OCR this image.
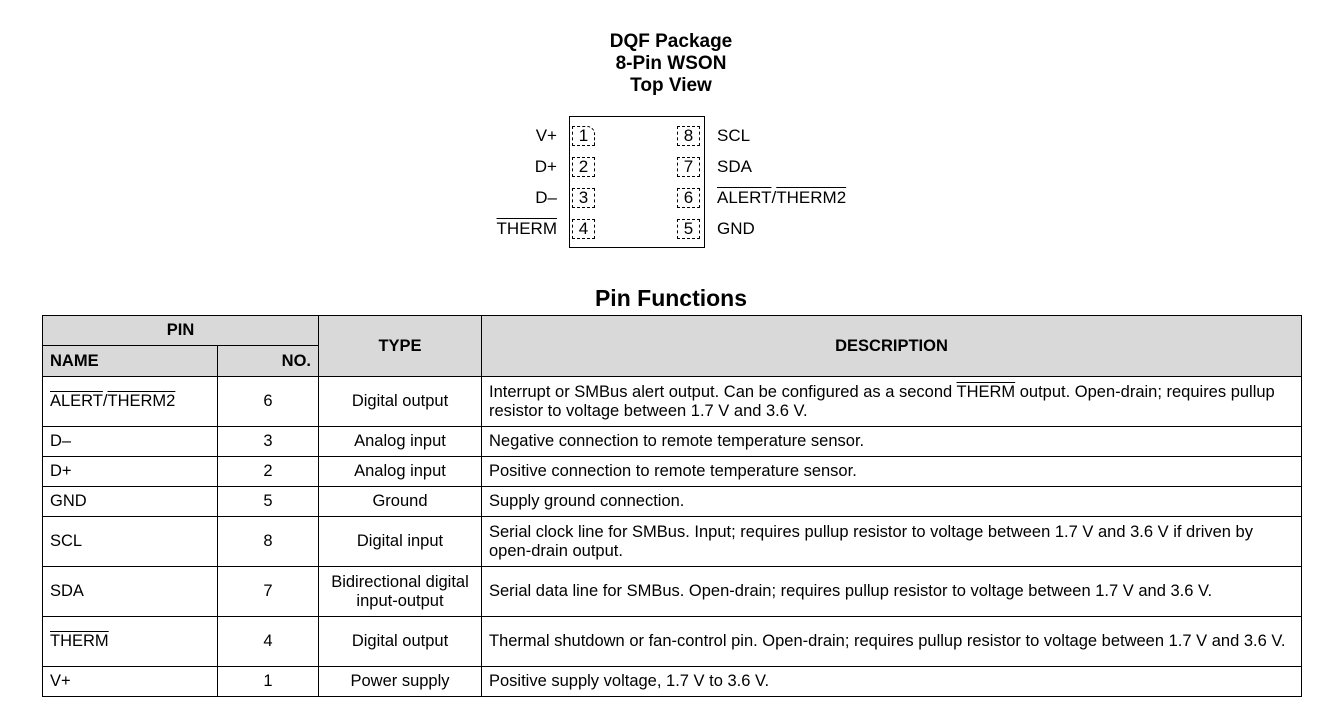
DQF Package
8-Pin WSON
Top View
V+
D+
D–
THERM
1
2
3
4
8
7
6
5
SCL
SDA
ALERT/THERM2
GND
Pin Functions
PIN		TYPE	DESCRIPTION
NAME	NO.		
ALERT/THERM2	6	Digital output	Interrupt or SMBus alert output. Can be configured as a second THERM output. Open-drain; requires pullup resistor to voltage between 1.7 V and 3.6 V.
D–	3	Analog input	Negative connection to remote temperature sensor.
D+	2	Analog input	Positive connection to remote temperature sensor.
GND	5	Ground	Supply ground connection.
SCL	8	Digital input	Serial clock line for SMBus. Input; requires pullup resistor to voltage between 1.7 V and 3.6 V if driven by open-drain output.
SDA	7	Bidirectional digital input-output	Serial data line for SMBus. Open-drain; requires pullup resistor to voltage between 1.7 V and 3.6 V.
THERM	4	Digital output	Thermal shutdown or fan-control pin. Open-drain; requires pullup resistor to voltage between 1.7 V and 3.6 V.
V+	1	Power supply	Positive supply voltage, 1.7 V to 3.6 V.
